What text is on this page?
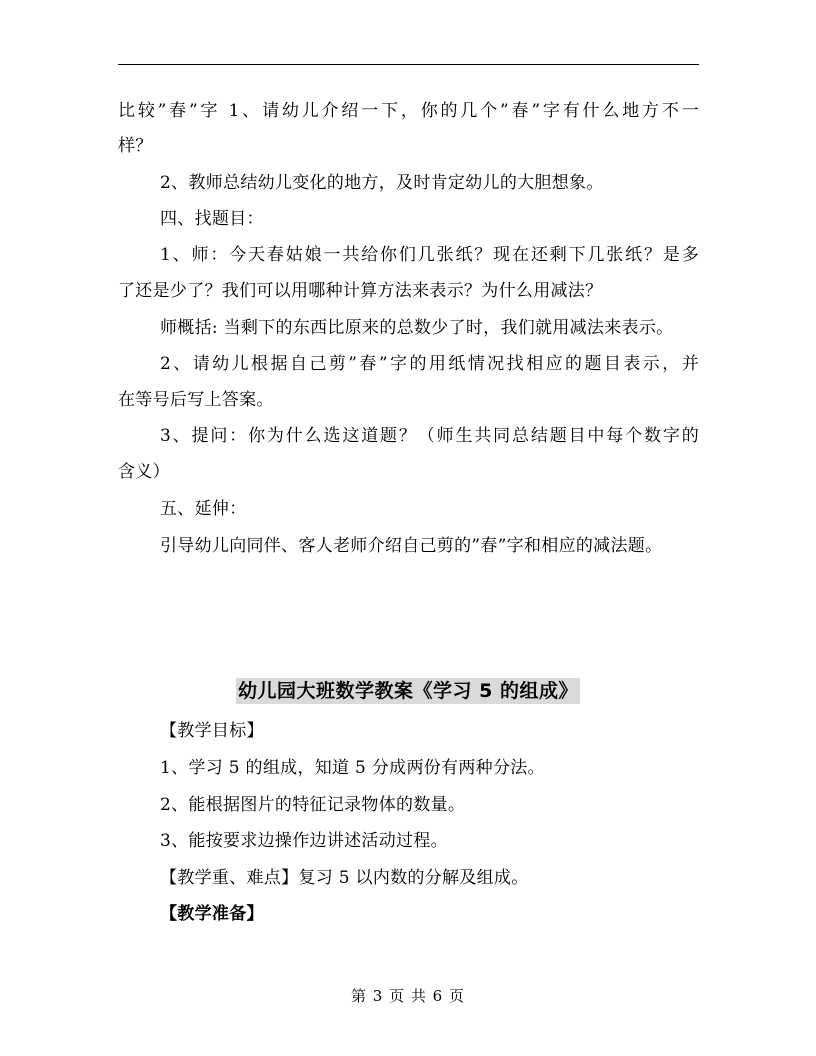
比较”春”字 1、请幼儿介绍一下，你的几个”春”字有什么地方不一
样？
2、教师总结幼儿变化的地方，及时肯定幼儿的大胆想象。
四、找题目：
1、师：今天春姑娘一共给你们几张纸？现在还剩下几张纸？是多
了还是少了？我们可以用哪种计算方法来表示？为什么用减法？
师概括: 当剩下的东西比原来的总数少了时，我们就用减法来表示。
2、请幼儿根据自己剪”春”字的用纸情况找相应的题目表示，并
在等号后写上答案。
3、提问：你为什么选这道题？（师生共同总结题目中每个数字的
含义）
五、延伸：
引导幼儿向同伴、客人老师介绍自己剪的”春”字和相应的减法题。
幼儿园大班数学教案《学习 5 的组成》
【教学目标】
1、学习 5 的组成，知道 5 分成两份有两种分法。
2、能根据图片的特征记录物体的数量。
3、能按要求边操作边讲述活动过程。
【教学重、难点】复习 5 以内数的分解及组成。
【教学准备】
第 3 页 共 6 页
